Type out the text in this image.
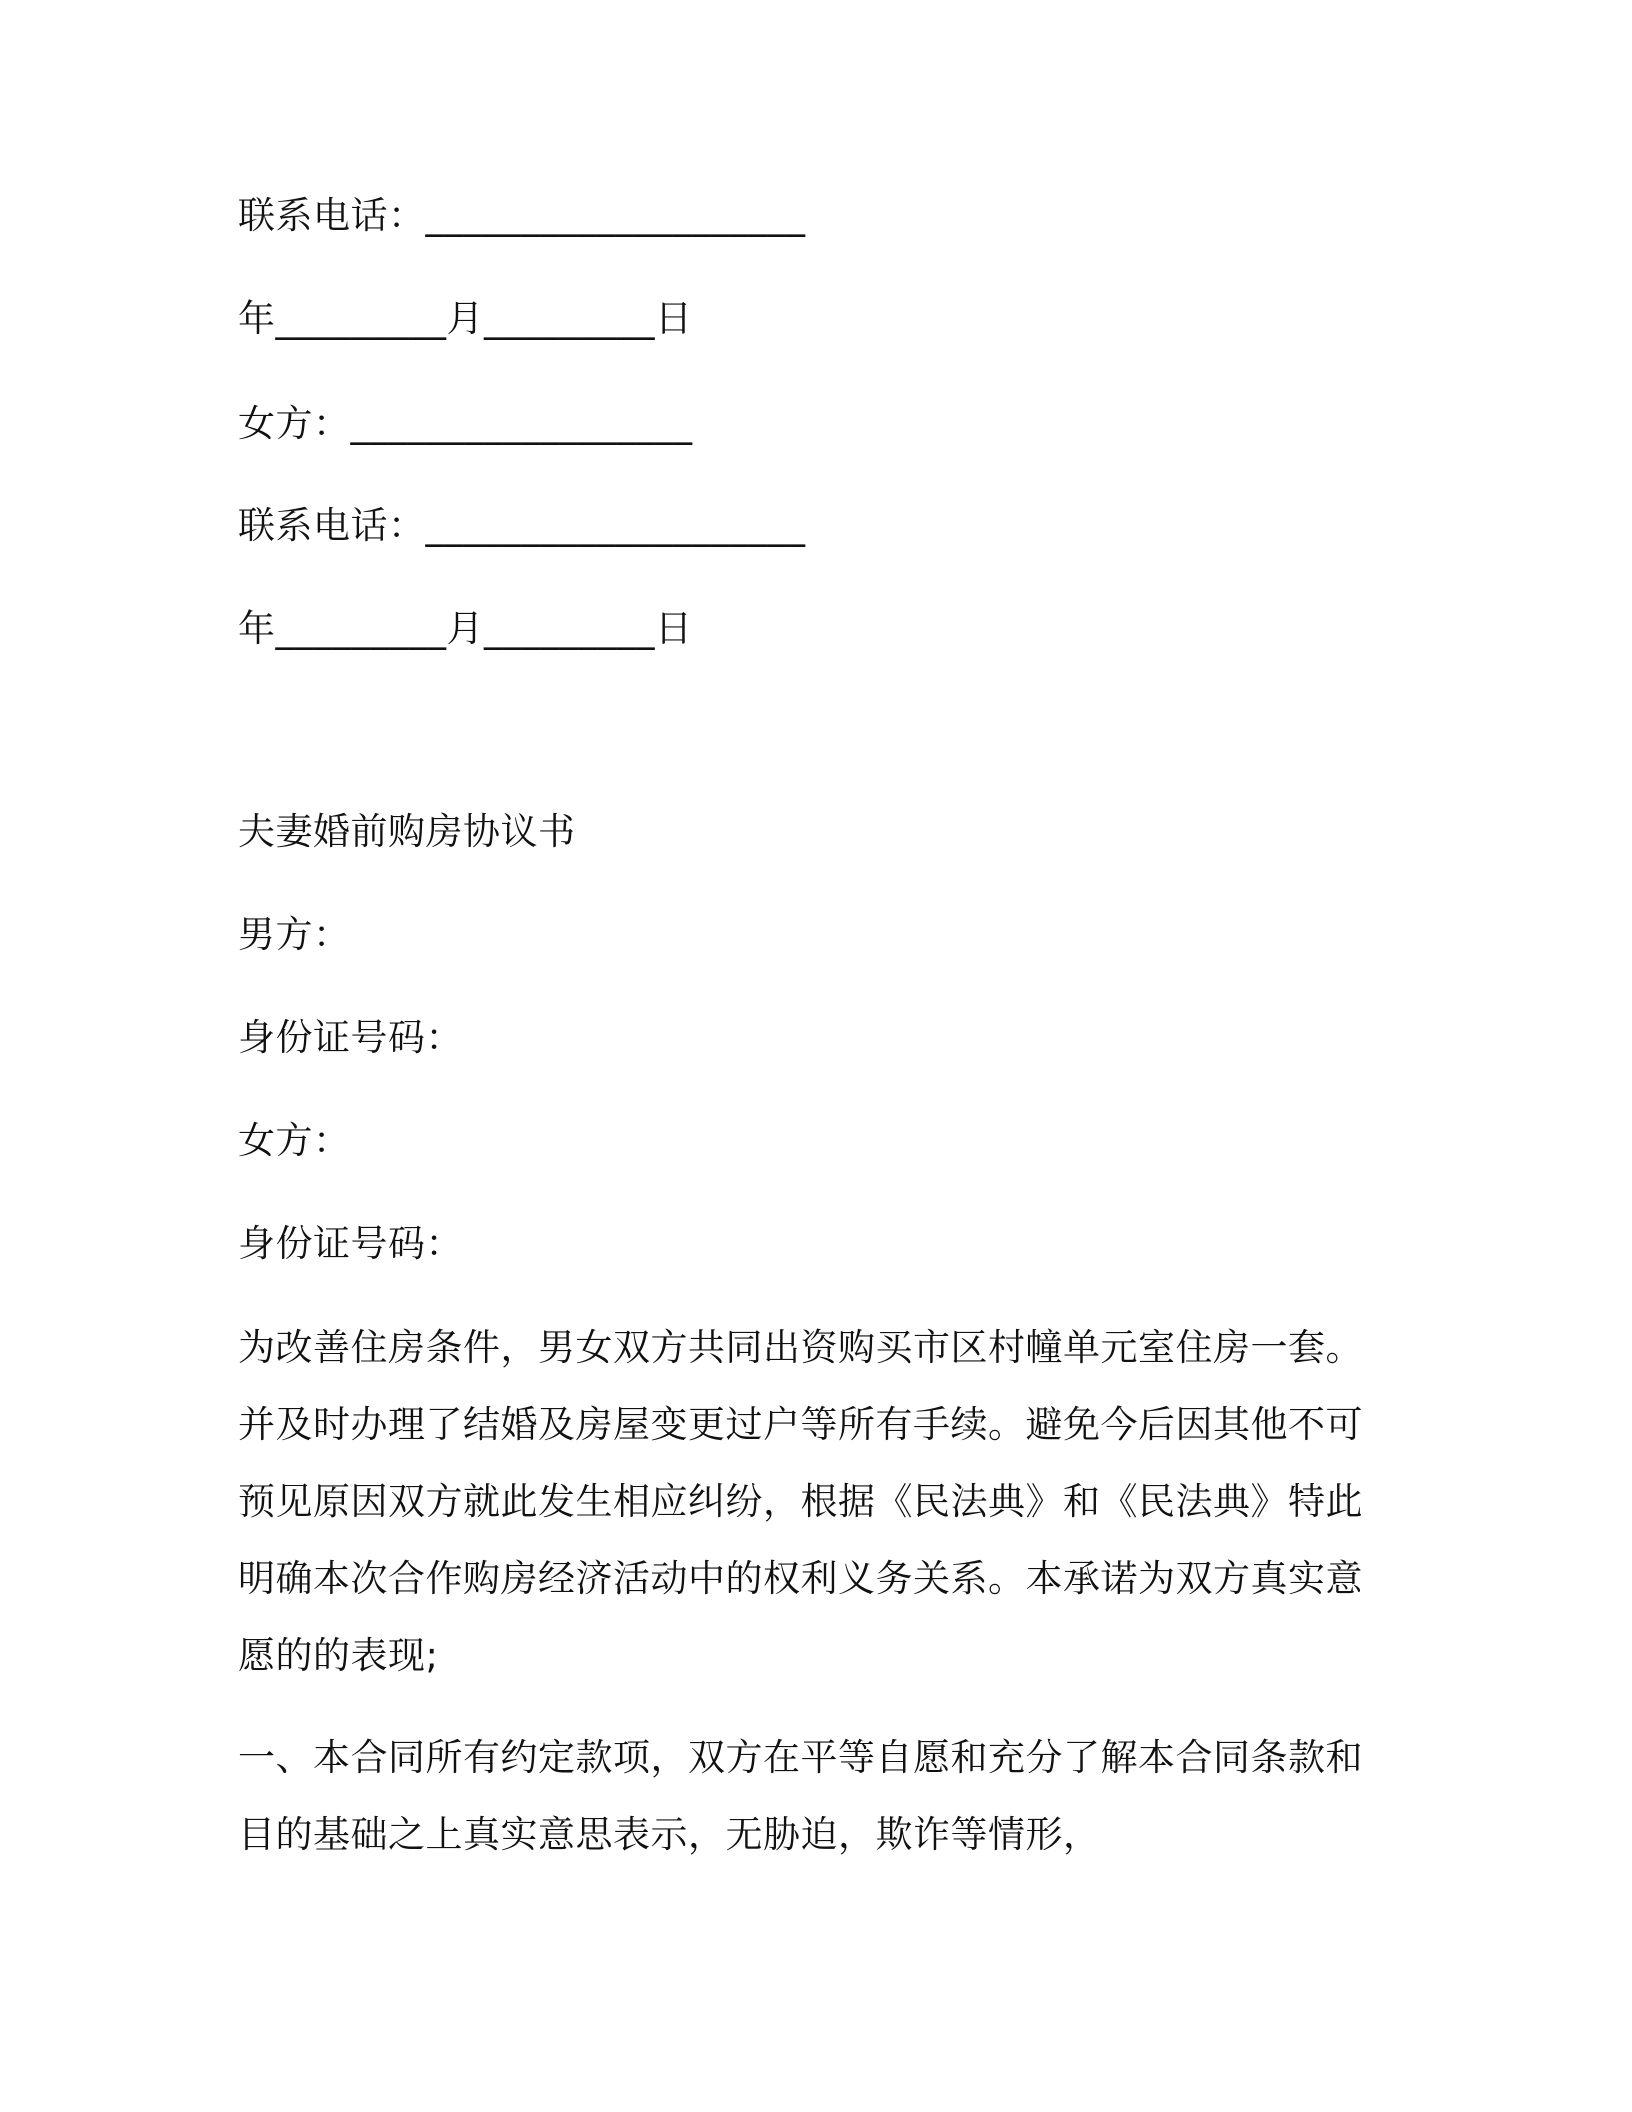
联系电话：____________________
年_________月_________日
女方：__________________
联系电话：____________________
年_________月_________日
夫妻婚前购房协议书
男方：
身份证号码：
女方：
身份证号码：
为改善住房条件，男女双方共同出资购买市区村幢单元室住房一套。
并及时办理了结婚及房屋变更过户等所有手续。避免今后因其他不可
预见原因双方就此发生相应纠纷，根据《民法典》和《民法典》特此
明确本次合作购房经济活动中的权利义务关系。本承诺为双方真实意
愿的的表现;
一、本合同所有约定款项，双方在平等自愿和充分了解本合同条款和
目的基础之上真实意思表示，无胁迫，欺诈等情形，
